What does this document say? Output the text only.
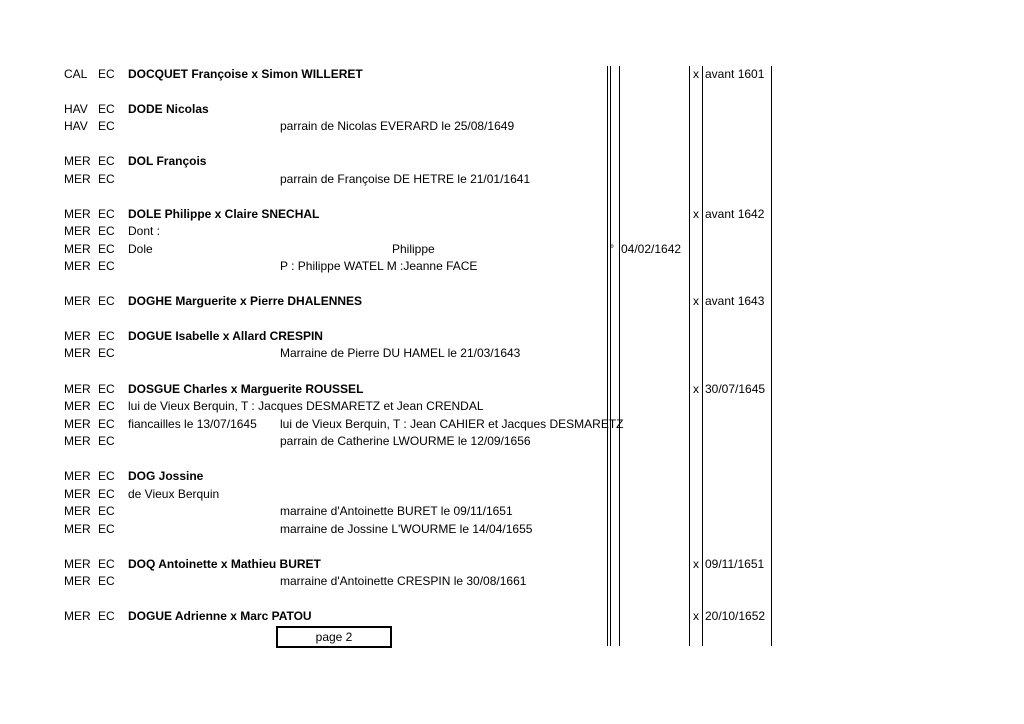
CAL EC DOCQUET Françoise x Simon WILLERET	x avant 1601
HAV EC DODE Nicolas
HAV EC	parrain de Nicolas EVERARD le 25/08/1649
MER EC DOL François
MER EC	parrain de Françoise DE HETRE le 21/01/1641
MER EC DOLE Philippe x Claire SNECHAL	x avant 1642
MER EC Dont :
MER EC Dole	Philippe	° 04/02/1642
MER EC	P : Philippe WATEL M :Jeanne FACE
MER EC DOGHE Marguerite x Pierre DHALENNES	x avant 1643
MER EC DOGUE Isabelle x Allard CRESPIN
MER EC	Marraine de Pierre DU HAMEL le 21/03/1643
MER EC DOSGUE Charles x Marguerite ROUSSEL	x 30/07/1645
MER EC lui de Vieux Berquin, T : Jacques DESMARETZ et Jean CRENDAL
MER EC fiancailles le 13/07/1645 lui de Vieux Berquin, T : Jean CAHIER et Jacques DESMARETZ
MER EC	parrain de Catherine LWOURME le 12/09/1656
MER EC DOG Jossine
MER EC de Vieux Berquin
MER EC	marraine d'Antoinette BURET le 09/11/1651
MER EC	marraine de Jossine L'WOURME le 14/04/1655
MER EC DOQ Antoinette x Mathieu BURET	x 09/11/1651
MER EC	marraine d'Antoinette CRESPIN le 30/08/1661
MER EC DOGUE Adrienne x Marc PATOU	x 20/10/1652
page 2
